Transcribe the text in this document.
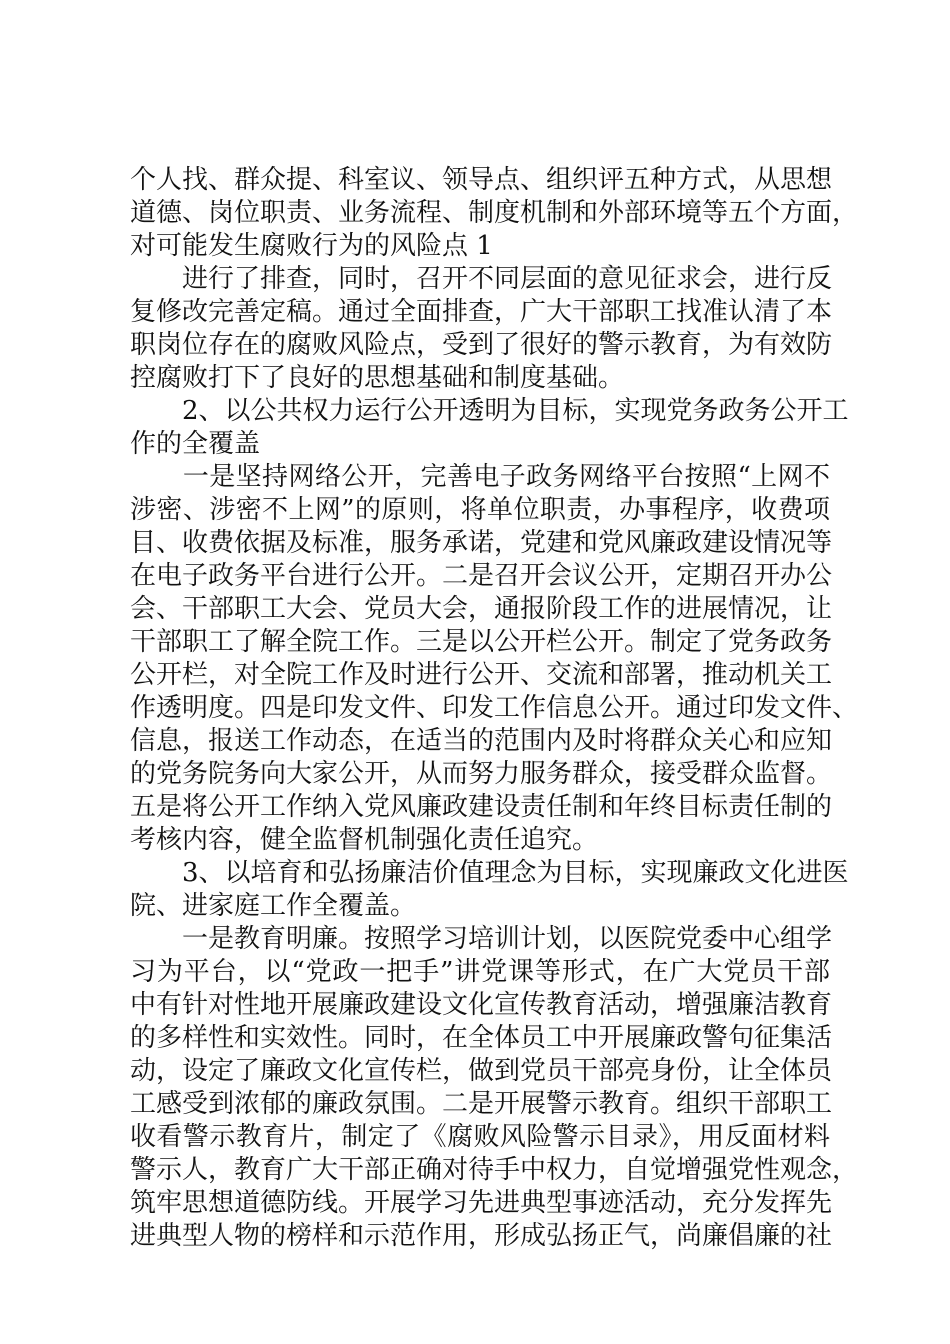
个人找、群众提、科室议、领导点、组织评五种方式，从思想
道德、岗位职责、业务流程、制度机制和外部环境等五个方面，
对可能发生腐败行为的风险点 1
　　进行了排查，同时，召开不同层面的意见征求会，进行反
复修改完善定稿。通过全面排查，广大干部职工找准认清了本
职岗位存在的腐败风险点，受到了很好的警示教育，为有效防
控腐败打下了良好的思想基础和制度基础。
　　2、以公共权力运行公开透明为目标，实现党务政务公开工
作的全覆盖
　　一是坚持网络公开，完善电子政务网络平台按照“上网不
涉密、涉密不上网”的原则，将单位职责，办事程序，收费项
目、收费依据及标准，服务承诺，党建和党风廉政建设情况等
在电子政务平台进行公开。二是召开会议公开，定期召开办公
会、干部职工大会、党员大会，通报阶段工作的进展情况，让
干部职工了解全院工作。三是以公开栏公开。制定了党务政务
公开栏，对全院工作及时进行公开、交流和部署，推动机关工
作透明度。四是印发文件、印发工作信息公开。通过印发文件、
信息，报送工作动态，在适当的范围内及时将群众关心和应知
的党务院务向大家公开，从而努力服务群众，接受群众监督。
五是将公开工作纳入党风廉政建设责任制和年终目标责任制的
考核内容，健全监督机制强化责任追究。
　　3、以培育和弘扬廉洁价值理念为目标，实现廉政文化进医
院、进家庭工作全覆盖。
　　一是教育明廉。按照学习培训计划，以医院党委中心组学
习为平台，以“党政一把手”讲党课等形式，在广大党员干部
中有针对性地开展廉政建设文化宣传教育活动，增强廉洁教育
的多样性和实效性。同时，在全体员工中开展廉政警句征集活
动，设定了廉政文化宣传栏，做到党员干部亮身份，让全体员
工感受到浓郁的廉政氛围。二是开展警示教育。组织干部职工
收看警示教育片，制定了《腐败风险警示目录》，用反面材料
警示人，教育广大干部正确对待手中权力，自觉增强党性观念，
筑牢思想道德防线。开展学习先进典型事迹活动，充分发挥先
进典型人物的榜样和示范作用，形成弘扬正气，尚廉倡廉的社
